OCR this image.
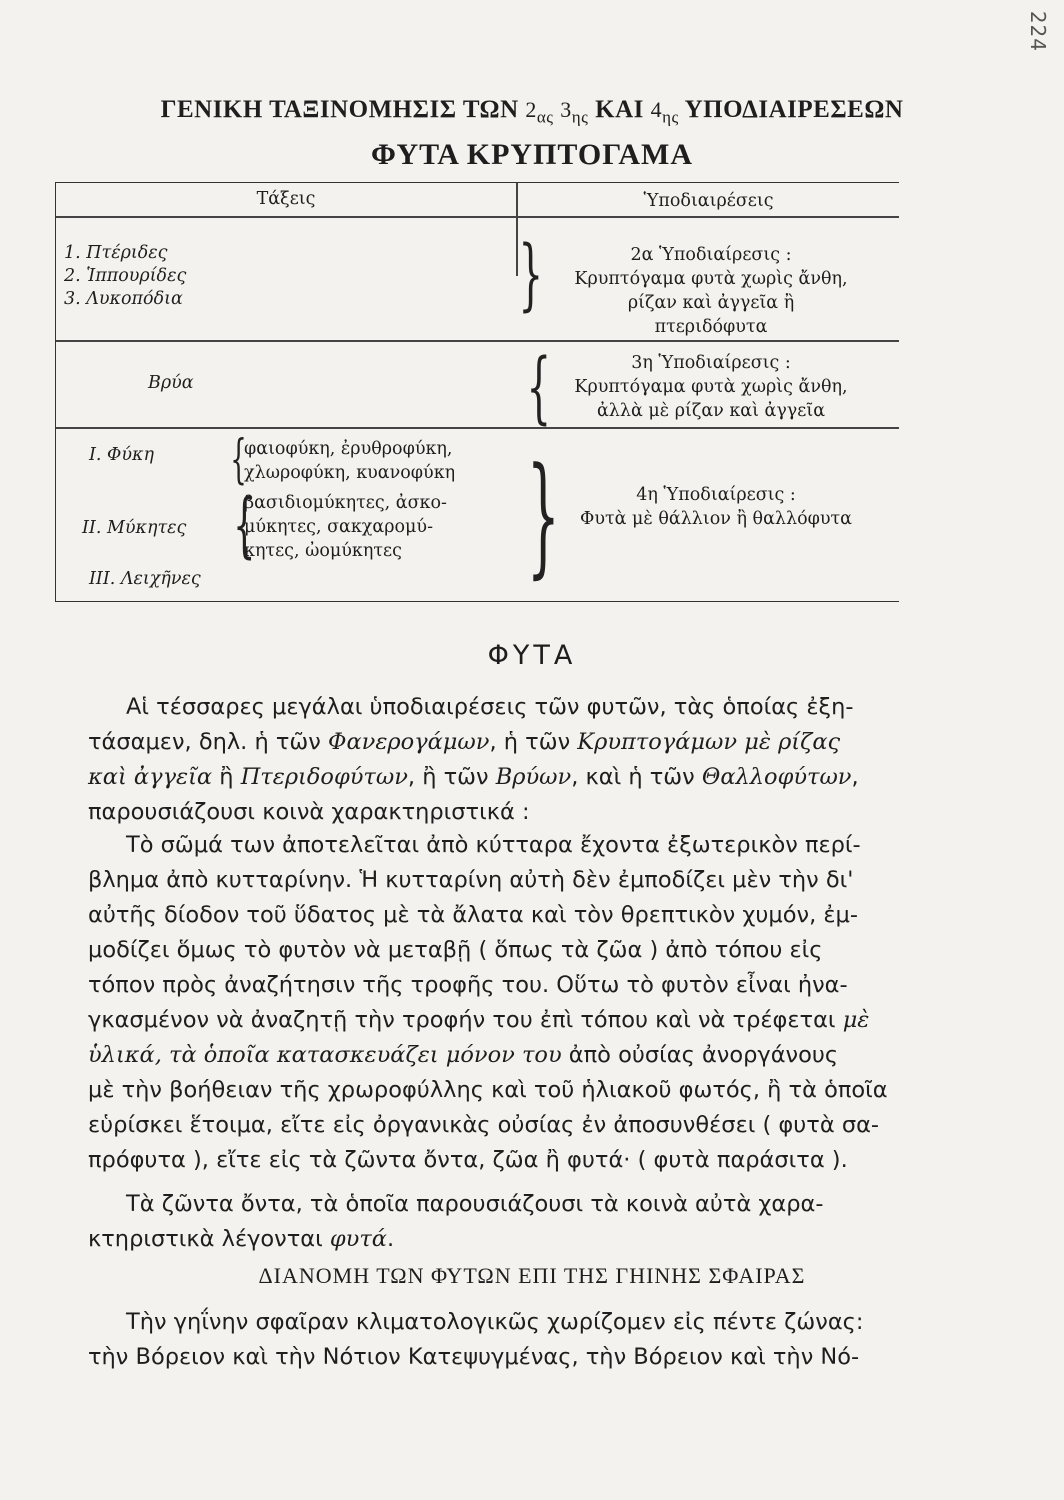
224
ΓΕΝΙΚΗ ΤΑΞΙΝΟΜΗΣΙΣ ΤΩΝ $2_{\alpha\varsigma}$ $3_{\eta\varsigma}$ ΚΑΙ $4_{\eta\varsigma}$ ΥΠΟΔΙΑΙΡΕΣΕΩΝ
ΦΥΤΑ ΚΡΥΠΤΟΓΑΜΑ
Τάξεις	Ὑποδιαιρέσεις
1. Πτέριδες
2. Ἱππουρίδες
3. Λυκοπόδια	}	2α Ὑποδιαίρεσις :
Κρυπτόγαμα φυτὰ χωρὶς ἄνθη,
ρίζαν καὶ ἀγγεῖα ἢ
πτεριδόφυτα
Βρύα	{	3η Ὑποδιαίρεσις :
Κρυπτόγαμα φυτὰ χωρὶς ἄνθη,
ἀλλὰ μὲ ρίζαν καὶ ἀγγεῖα
Ι. Φύκη {
φαιοφύκη, ἐρυθροφύκη,
χλωροφύκη, κυανοφύκη
ΙΙ. Μύκητες {
βασιδιομύκητες, ἀσκο-
μύκητες, σακχαρομύ-
κητες, ὠομύκητες
ΙΙΙ. Λειχῆνες	}	4η Ὑποδιαίρεσις :
Φυτὰ μὲ θάλλιον ἢ θαλλόφυτα
ΦΥΤΑ
Αἱ τέσσαρες μεγάλαι ὑποδιαιρέσεις τῶν φυτῶν, τὰς ὁποίας ἐξη-
τάσαμεν, δηλ. ἡ τῶν Φανερογάμων, ἡ τῶν Κρυπτογάμων μὲ ρίζας
καὶ ἀγγεῖα ἢ Πτεριδοφύτων, ἢ τῶν Βρύων, καὶ ἡ τῶν Θαλλοφύτων,
παρουσιάζουσι κοινὰ χαρακτηριστικά :
Τὸ σῶμά των ἀποτελεῖται ἀπὸ κύτταρα ἔχοντα ἐξωτερικὸν περί-
βλημα ἀπὸ κυτταρίνην. Ἡ κυτταρίνη αὐτὴ δὲν ἐμποδίζει μὲν τὴν δι'
αὐτῆς δίοδον τοῦ ὕδατος μὲ τὰ ἄλατα καὶ τὸν θρεπτικὸν χυμόν, ἐμ-
μοδίζει ὅμως τὸ φυτὸν νὰ μεταβῇ ( ὅπως τὰ ζῶα ) ἀπὸ τόπου εἰς
τόπον πρὸς ἀναζήτησιν τῆς τροφῆς του. Οὕτω τὸ φυτὸν εἶναι ἠνα-
γκασμένον νὰ ἀναζητῇ τὴν τροφήν του ἐπὶ τόπου καὶ νὰ τρέφεται μὲ
ὑλικά, τὰ ὁποῖα κατασκευάζει μόνον του ἀπὸ οὐσίας ἀνοργάνους
μὲ τὴν βοήθειαν τῆς χρωροφύλλης καὶ τοῦ ἡλιακοῦ φωτός, ἢ τὰ ὁποῖα
εὑρίσκει ἕτοιμα, εἴτε εἰς ὀργανικὰς οὐσίας ἐν ἀποσυνθέσει ( φυτὰ σα-
πρόφυτα ), εἴτε εἰς τὰ ζῶντα ὄντα, ζῶα ἢ φυτά· ( φυτὰ παράσιτα ).
Τὰ ζῶντα ὄντα, τὰ ὁποῖα παρουσιάζουσι τὰ κοινὰ αὐτὰ χαρα-
κτηριστικὰ λέγονται φυτά.
ΔΙΑΝΟΜΗ ΤΩΝ ΦΥΤΩΝ ΕΠΙ ΤΗΣ ΓΗΙΝΗΣ ΣΦΑΙΡΑΣ
Τὴν γηΐνην σφαῖραν κλιματολογικῶς χωρίζομεν εἰς πέντε ζώνας:
τὴν Βόρειον καὶ τὴν Νότιον Κατεψυγμένας, τὴν Βόρειον καὶ τὴν Νό-
